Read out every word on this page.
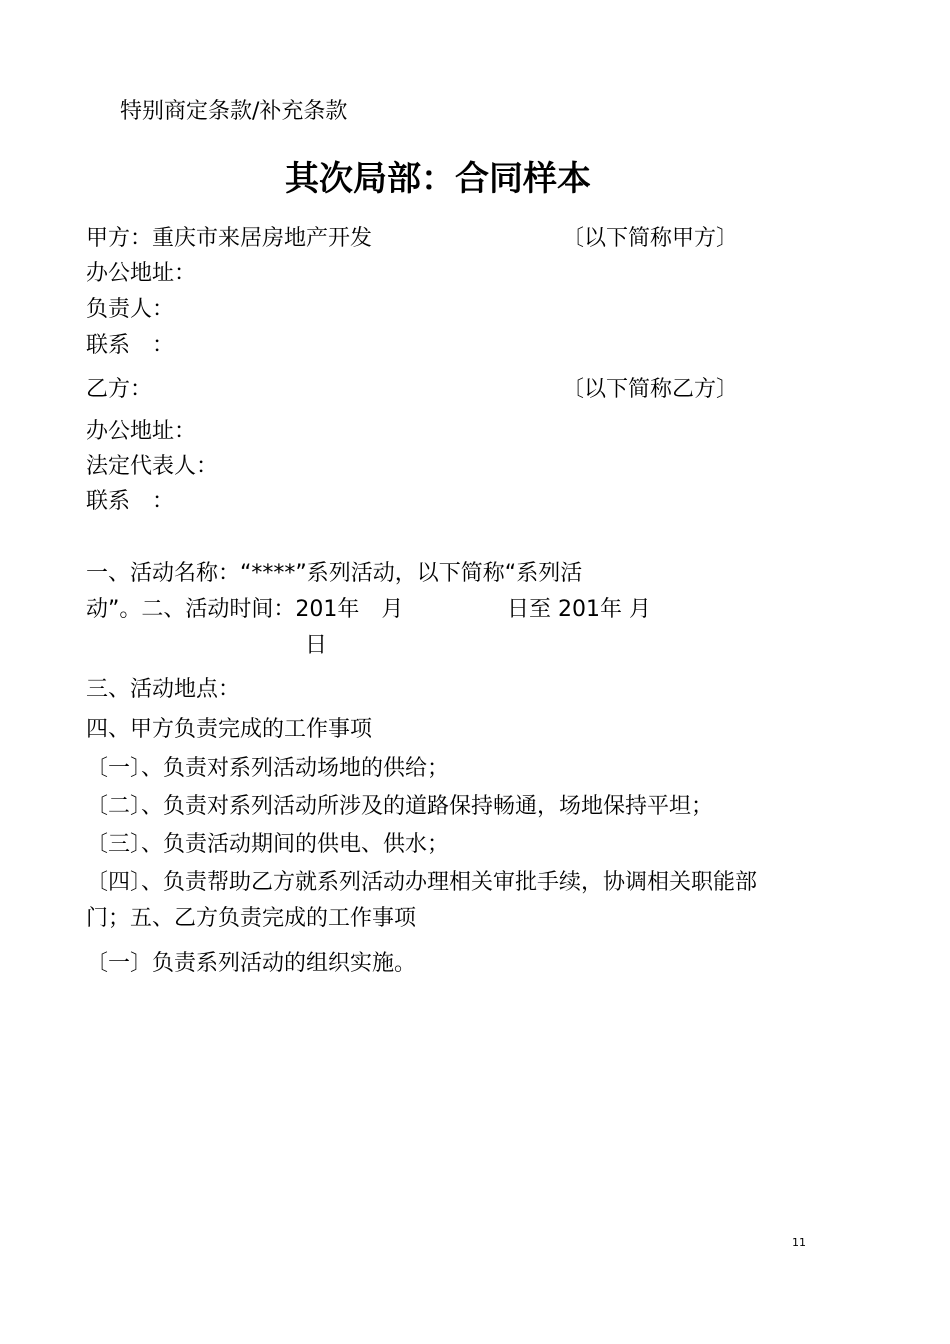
特别商定条款/补充条款
其次局部：合同样本
甲方：重庆市来居房地产开发	〔以下简称甲方〕
办公地址：
负责人：
联系　：
乙方：	〔以下简称乙方〕
办公地址：
法定代表人：
联系　：
一、活动名称：“****”系列活动，以下简称“系列活
动”。二、活动时间：201年　月	日至 201年 月
日
三、活动地点：
四、甲方负责完成的工作事项
〔一〕、负责对系列活动场地的供给；
〔二〕、负责对系列活动所涉及的道路保持畅通，场地保持平坦；
〔三〕、负责活动期间的供电、供水；
〔四〕、负责帮助乙方就系列活动办理相关审批手续，协调相关职能部
门；五、乙方负责完成的工作事项
〔一〕负责系列活动的组织实施。
11
